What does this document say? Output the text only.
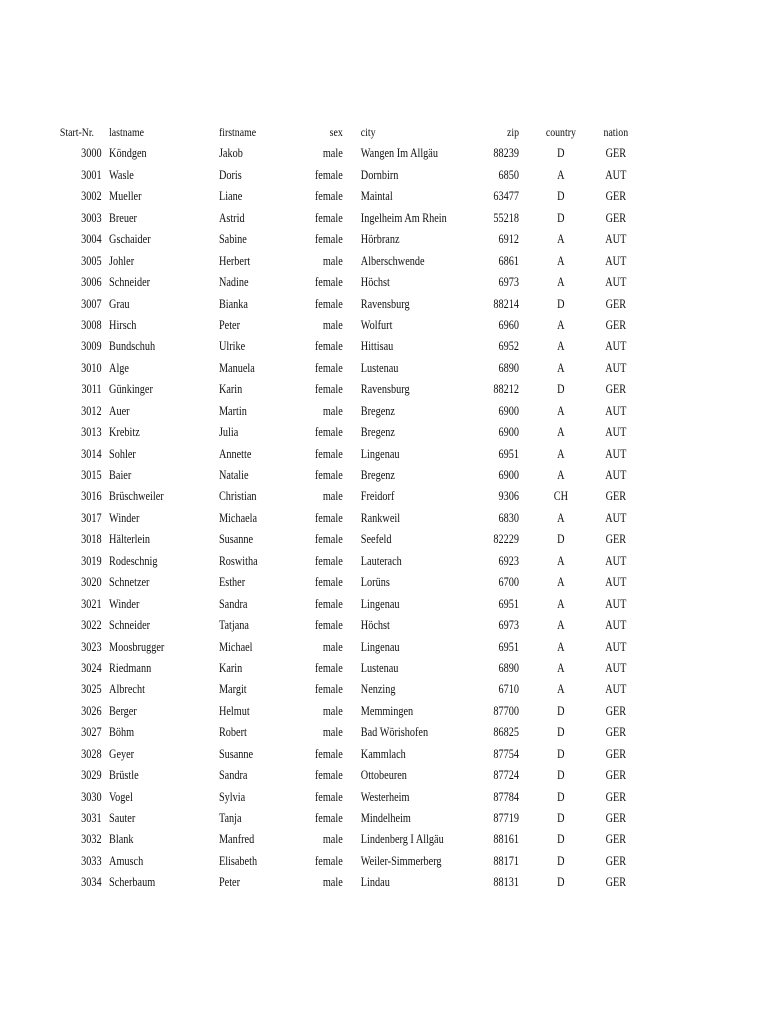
Start-Nr. lastname	firstname	sex city	zip	country	nation
3000 Köndgen	Jakob	male Wangen Im Allgäu	88239	D	GER
3001 Wasle	Doris	female Dornbirn	6850	A	AUT
3002 Mueller	Liane	female Maintal	63477	D	GER
3003 Breuer	Astrid	female Ingelheim Am Rhein	55218	D	GER
3004 Gschaider	Sabine	female Hörbranz	6912	A	AUT
3005 Johler	Herbert	male Alberschwende	6861	A	AUT
3006 Schneider	Nadine	female Höchst	6973	A	AUT
3007 Grau	Bianka	female Ravensburg	88214	D	GER
3008 Hirsch	Peter	male Wolfurt	6960	A	GER
3009 Bundschuh	Ulrike	female Hittisau	6952	A	AUT
3010 Alge	Manuela	female Lustenau	6890	A	AUT
3011 Günkinger	Karin	female Ravensburg	88212	D	GER
3012 Auer	Martin	male Bregenz	6900	A	AUT
3013 Krebitz	Julia	female Bregenz	6900	A	AUT
3014 Sohler	Annette	female Lingenau	6951	A	AUT
3015 Baier	Natalie	female Bregenz	6900	A	AUT
3016 Brüschweiler	Christian	male Freidorf	9306	CH	GER
3017 Winder	Michaela	female Rankweil	6830	A	AUT
3018 Hälterlein	Susanne	female Seefeld	82229	D	GER
3019 Rodeschnig	Roswitha	female Lauterach	6923	A	AUT
3020 Schnetzer	Esther	female Lorüns	6700	A	AUT
3021 Winder	Sandra	female Lingenau	6951	A	AUT
3022 Schneider	Tatjana	female Höchst	6973	A	AUT
3023 Moosbrugger	Michael	male Lingenau	6951	A	AUT
3024 Riedmann	Karin	female Lustenau	6890	A	AUT
3025 Albrecht	Margit	female Nenzing	6710	A	AUT
3026 Berger	Helmut	male Memmingen	87700	D	GER
3027 Böhm	Robert	male Bad Wörishofen	86825	D	GER
3028 Geyer	Susanne	female Kammlach	87754	D	GER
3029 Brüstle	Sandra	female Ottobeuren	87724	D	GER
3030 Vogel	Sylvia	female Westerheim	87784	D	GER
3031 Sauter	Tanja	female Mindelheim	87719	D	GER
3032 Blank	Manfred	male Lindenberg I Allgäu	88161	D	GER
3033 Amusch	Elisabeth	female Weiler-Simmerberg	88171	D	GER
3034 Scherbaum	Peter	male Lindau	88131	D	GER
